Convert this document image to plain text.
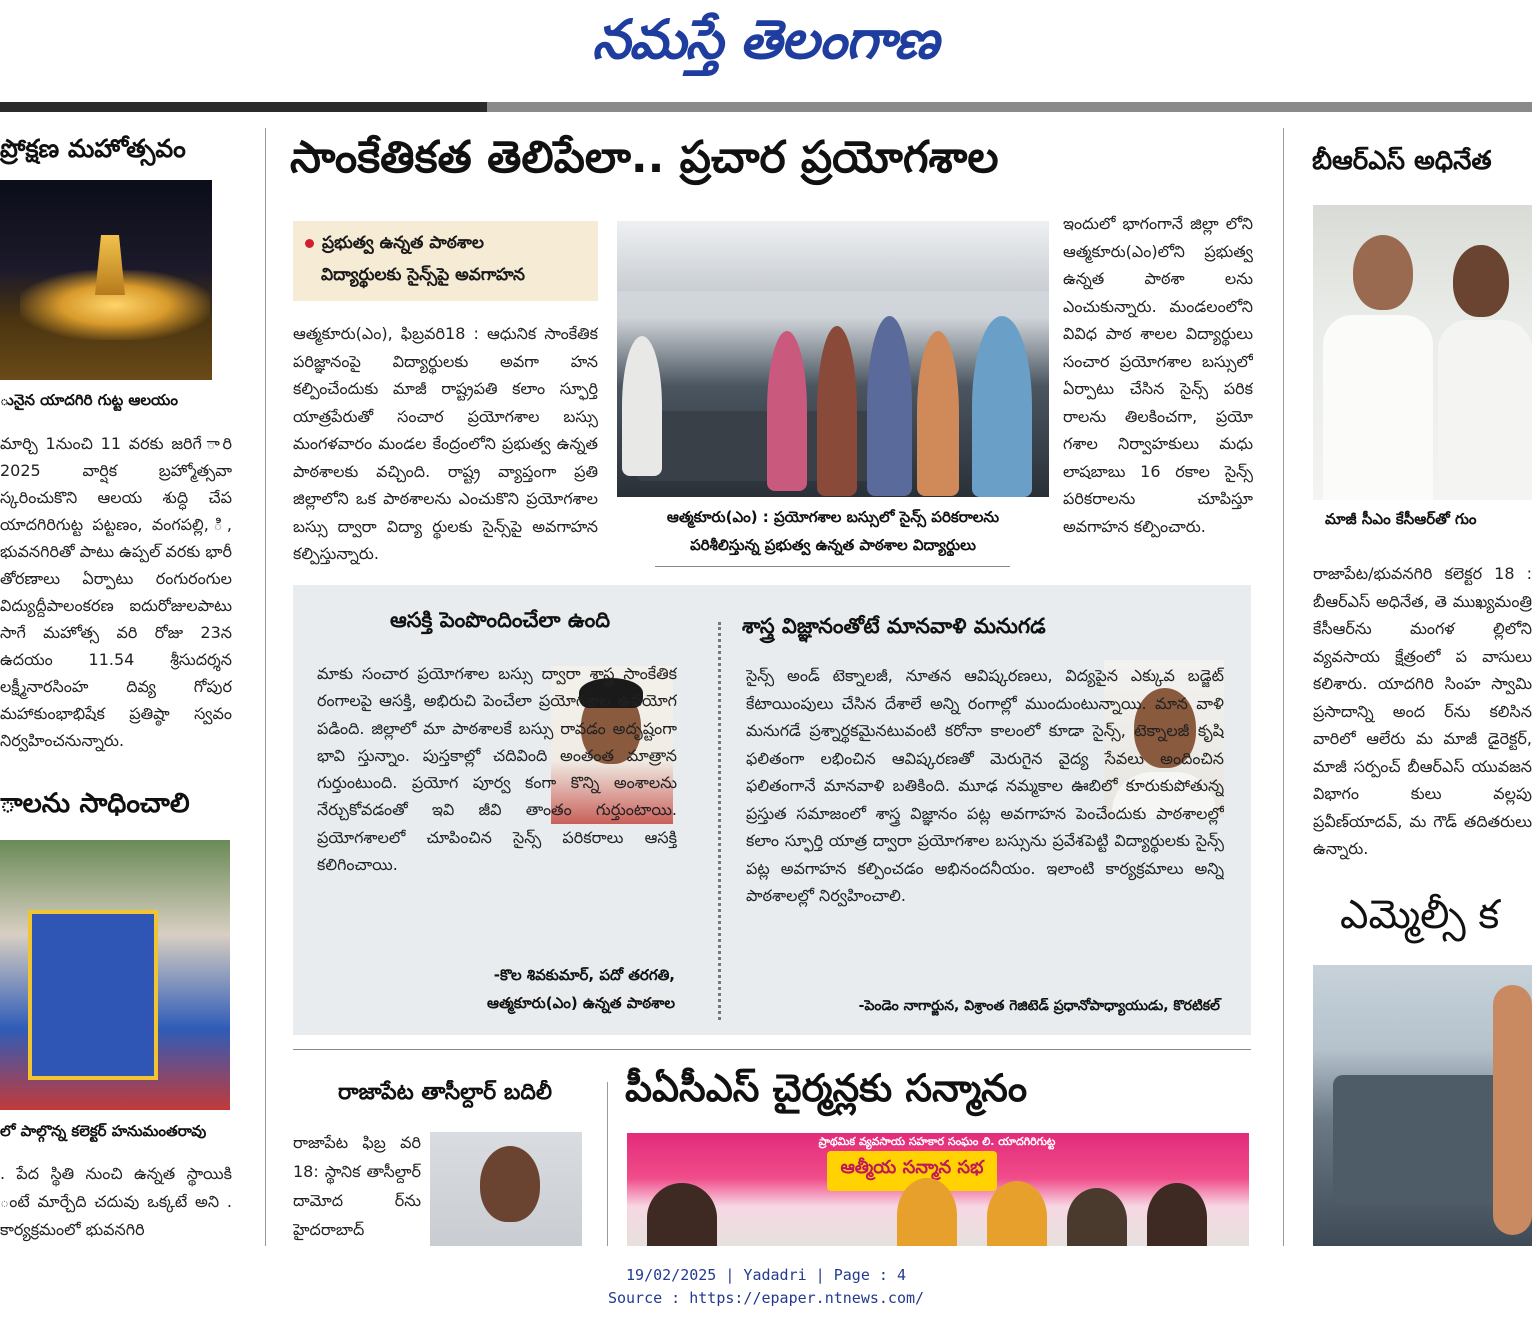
నమస్తే తెలంగాణ
ప్రోక్షణ మహోత్సవం
ునైన యాదగిరి గుట్ట ఆలయం
మార్చి 1నుంచి 11 వరకు జరిగే ారి 2025 వార్షిక బ్రహ్మోత్సవా స్కరించుకొని ఆలయ శుద్ధి చేప యాదగిరిగుట్ట పట్టణం, వంగపల్లి, ి, భువనగిరితో పాటు ఉప్పల్ వరకు భారీ తోరణాలు ఏర్పాటు రంగురంగుల విద్యుద్దీపాలంకరణ ఐదురోజులపాటు సాగే మహోత్స వరి రోజు 23న ఉదయం 11.54 శ్రీసుదర్శన లక్ష్మీనారసింహ దివ్య గోపుర మహాకుంభాభిషేక ప్రతిష్ఠా స్వవం నిర్వహించనున్నారు.
ాలను సాధించాలి
లో పాల్గొన్న కలెక్టర్ హనుమంతరావు
. పేద స్థితి నుంచి ఉన్నత స్థాయికి ంటే మార్చేది చదువు ఒక్కటే అని . కార్యక్రమంలో భువనగిరి
సాంకేతికత తెలిపేలా.. ప్రచార ప్రయోగశాల
ప్రభుత్వ ఉన్నత పాఠశాల
విద్యార్థులకు సైన్స్‌పై అవగాహన
ఆత్మకూరు(ఎం), ఫిబ్రవరి18 : ఆధునిక సాంకేతిక పరిజ్ఞానంపై విద్యార్థులకు అవగా హన కల్పించేందుకు మాజీ రాష్ట్రపతి కలాం స్ఫూర్తి యాత్రపేరుతో సంచార ప్రయోగశాల బస్సు మంగళవారం మండల కేంద్రంలోని ప్రభుత్వ ఉన్నత పాఠశాలకు వచ్చింది. రాష్ట్ర వ్యాప్తంగా ప్రతి జిల్లాలోని ఒక పాఠశాలను ఎంచుకొని ప్రయోగశాల బస్సు ద్వారా విద్యా ర్థులకు సైన్స్‌పై అవగాహన కల్పిస్తున్నారు.
ఆత్మకూరు(ఎం) : ప్రయోగశాల బస్సులో సైన్స్ పరికరాలను
పరిశీలిస్తున్న ప్రభుత్వ ఉన్నత పాఠశాల విద్యార్థులు
ఇందులో భాగంగానే జిల్లా లోని ఆత్మకూరు(ఎం)లోని ప్రభుత్వ ఉన్నత పాఠశా లను ఎంచుకున్నారు. మండలంలోని వివిధ పాఠ శాలల విద్యార్థులు సంచార ప్రయోగశాల బస్సులో ఏర్పాటు చేసిన సైన్స్ పరిక రాలను తిలకించగా, ప్రయో గశాల నిర్వాహకులు మధు లాషబాబు 16 రకాల సైన్స్ పరికరాలను చూపిస్తూ అవగాహన కల్పించారు.
ఆసక్తి పెంపొందించేలా ఉంది
మాకు సంచార ప్రయోగశాల బస్సు ద్వారా శాస్త్ర సాంకేతిక రంగాలపై ఆసక్తి, అభిరుచి పెంచేలా ప్రయోగశాల ఉపయోగ పడింది. జిల్లాలో మా పాఠశాలకే బస్సు రావడం అదృష్టంగా భావి స్తున్నాం. పుస్తకాల్లో చదివింది అంతంత మాత్రాన గుర్తుంటుంది. ప్రయోగ పూర్వ కంగా కొన్ని అంశాలను నేర్చుకోవడంతో ఇవి జీవి తాంతం గుర్తుంటాయి. ప్రయోగశాలలో చూపించిన సైన్స్ పరికరాలు ఆసక్తి కలిగించాయి.
-కొల శివకుమార్, పదో తరగతి,
ఆత్మకూరు(ఎం) ఉన్నత పాఠశాల
శాస్త్ర విజ్ఞానంతోటే మానవాళి మనుగడ
సైన్స్ అండ్ టెక్నాలజీ, నూతన ఆవిష్కరణలు, విద్యపైన ఎక్కువ బడ్జెట్ కేటాయింపులు చేసిన దేశాలే అన్ని రంగాల్లో ముందుంటున్నాయి. మాన వాళి మనుగడే ప్రశ్నార్థకమైనటువంటి కరోనా కాలంలో కూడా సైన్స్, టెక్నాలజీ కృషి ఫలితంగా లభించిన ఆవిష్కరణతో మెరుగైన వైద్య సేవలు అందించిన ఫలితంగానే మానవాళి బతికింది. మూఢ నమ్మకాల ఊబిలో కూరుకుపోతున్న ప్రస్తుత సమాజంలో శాస్త్ర విజ్ఞానం పట్ల అవగాహన పెంచేందుకు పాఠశాలల్లో కలాం స్ఫూర్తి యాత్ర ద్వారా ప్రయోగశాల బస్సును ప్రవేశపెట్టి విద్యార్థులకు సైన్స్ పట్ల అవగాహన కల్పించడం అభినందనీయం. ఇలాంటి కార్యక్రమాలు అన్ని పాఠశాలల్లో నిర్వహించాలి.
-పెండెం నాగార్జున, విశ్రాంత గెజిటెడ్ ప్రధానోపాధ్యాయుడు, కొరటికల్
రాజాపేట తాసీల్దార్ బదిలీ
రాజాపేట ఫిబ్ర వరి 18: స్థానిక తాసీల్దార్ దామోద ర్‌ను హైదరాబాద్
పీఏసీఎస్ చైర్మన్లకు సన్మానం
ప్రాథమిక వ్యవసాయ సహకార సంఘం లి. యాదగిరిగుట్ట
ఆత్మీయ సన్మాన సభ
బీఆర్ఎస్ అధినేత
మాజీ సీఎం కేసీఆర్‌తో గుం
రాజాపేట/భువనగిరి కలెక్టర 18 : బీఆర్ఎస్ అధినేత, తె ముఖ్యమంత్రి కేసీఆర్‌ను మంగళ ల్లిలోని వ్యవసాయ క్షేత్రంలో ప వాసులు కలిశారు. యాదగిరి సింహ స్వామి ప్రసాదాన్ని అంద ర్‌ను కలిసిన వారిలో ఆలేరు మ మాజీ డైరెక్టర్, మాజీ సర్పంచ్ బీఆర్ఎస్ యువజన విభాగం కులు వల్లపు ప్రవీణ్‌యాదవ్, మ గౌడ్ తదితరులు ఉన్నారు.
ఎమ్మెల్సీ క
19/02/2025 | Yadadri | Page : 4
Source : https://epaper.ntnews.com/
